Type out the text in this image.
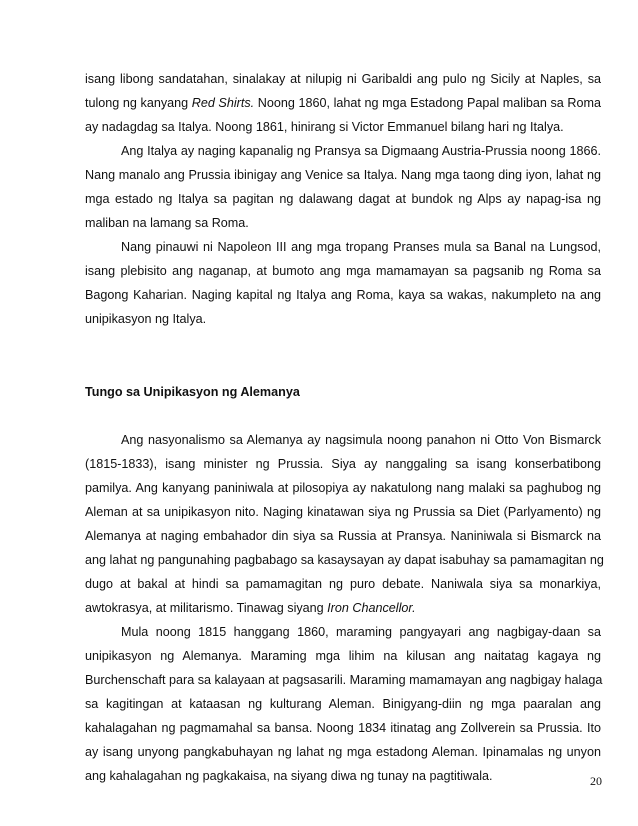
isang libong sandatahan, sinalakay at nilupig ni Garibaldi ang pulo ng Sicily at Naples, sa
tulong ng kanyang Red Shirts. Noong 1860, lahat ng mga Estadong Papal maliban sa Roma
ay nadagdag sa Italya. Noong 1861, hinirang si Victor Emmanuel bilang hari ng Italya.
Ang Italya ay naging kapanalig ng Pransya sa Digmaang Austria-Prussia noong 1866.
Nang manalo ang Prussia ibinigay ang Venice sa Italya. Nang mga taong ding iyon, lahat ng
mga estado ng Italya sa pagitan ng dalawang dagat at bundok ng Alps ay napag-isa ng
maliban na lamang sa Roma.
Nang pinauwi ni Napoleon III ang mga tropang Pranses mula sa Banal na Lungsod,
isang plebisito ang naganap, at bumoto ang mga mamamayan sa pagsanib ng Roma sa
Bagong Kaharian. Naging kapital ng Italya ang Roma, kaya sa wakas, nakumpleto na ang
unipikasyon ng Italya.
Tungo sa Unipikasyon ng Alemanya
Ang nasyonalismo sa Alemanya ay nagsimula noong panahon ni Otto Von Bismarck
(1815-1833), isang minister ng Prussia. Siya ay nanggaling sa isang konserbatibong
pamilya. Ang kanyang paniniwala at pilosopiya ay nakatulong nang malaki sa paghubog ng
Aleman at sa unipikasyon nito. Naging kinatawan siya ng Prussia sa Diet (Parlyamento) ng
Alemanya at naging embahador din siya sa Russia at Pransya. Naniniwala si Bismarck na
ang lahat ng pangunahing pagbabago sa kasaysayan ay dapat isabuhay sa pamamagitan ng
dugo at bakal at hindi sa pamamagitan ng puro debate. Naniwala siya sa monarkiya,
awtokrasya, at militarismo. Tinawag siyang Iron Chancellor.
Mula noong 1815 hanggang 1860, maraming pangyayari ang nagbigay-daan sa
unipikasyon ng Alemanya. Maraming mga lihim na kilusan ang naitatag kagaya ng
Burchenschaft para sa kalayaan at pagsasarili. Maraming mamamayan ang nagbigay halaga
sa kagitingan at kataasan ng kulturang Aleman. Binigyang-diin ng mga paaralan ang
kahalagahan ng pagmamahal sa bansa. Noong 1834 itinatag ang Zollverein sa Prussia. Ito
ay isang unyong pangkabuhayan ng lahat ng mga estadong Aleman. Ipinamalas ng unyon
ang kahalagahan ng pagkakaisa, na siyang diwa ng tunay na pagtitiwala.	20
